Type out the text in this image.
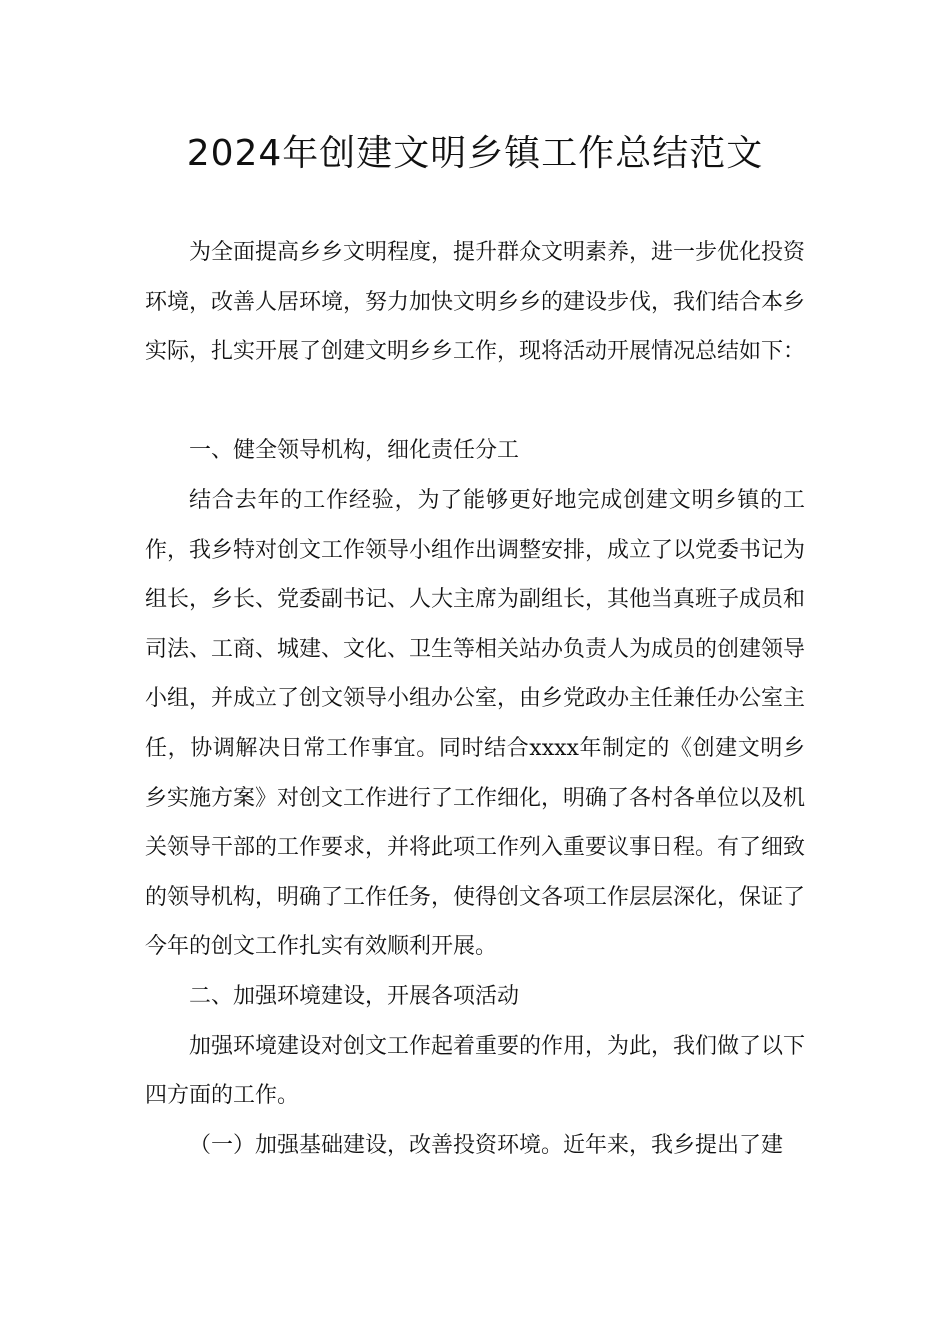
2024年创建文明乡镇工作总结范文

为全面提高乡乡文明程度，提升群众文明素养，进一步优化投资环境，改善人居环境，努力加快文明乡乡的建设步伐，我们结合本乡实际，扎实开展了创建文明乡乡工作，现将活动开展情况总结如下：

一、健全领导机构，细化责任分工

结合去年的工作经验，为了能够更好地完成创建文明乡镇的工作，我乡特对创文工作领导小组作出调整安排，成立了以党委书记为组长，乡长、党委副书记、人大主席为副组长，其他当真班子成员和司法、工商、城建、文化、卫生等相关站办负责人为成员的创建领导小组，并成立了创文领导小组办公室，由乡党政办主任兼任办公室主任，协调解决日常工作事宜。同时结合xxxx年制定的《创建文明乡乡实施方案》对创文工作进行了工作细化，明确了各村各单位以及机关领导干部的工作要求，并将此项工作列入重要议事日程。有了细致的领导机构，明确了工作任务，使得创文各项工作层层深化，保证了今年的创文工作扎实有效顺利开展。

二、加强环境建设，开展各项活动

加强环境建设对创文工作起着重要的作用，为此，我们做了以下四方面的工作。

（一）加强基础建设，改善投资环境。近年来，我乡提出了建
